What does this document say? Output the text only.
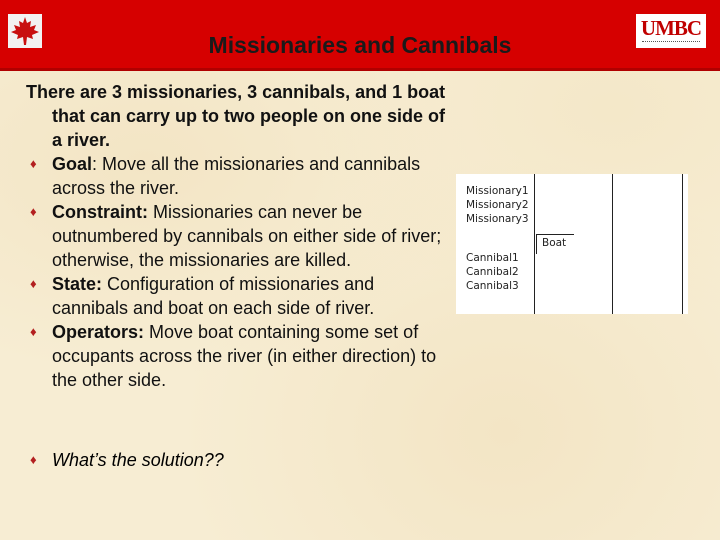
Missionaries and Cannibals
UMBC

There are 3 missionaries, 3 cannibals, and 1 boat that can carry up to two people on one side of a river.

♦ Goal: Move all the missionaries and cannibals across the river.

♦ Constraint: Missionaries can never be outnumbered by cannibals on either side of river; otherwise, the missionaries are killed.

♦ State: Configuration of missionaries and cannibals and boat on each side of river.

♦ Operators: Move boat containing some set of occupants across the river (in either direction) to the other side.

♦ What’s the solution??
Missionary1
Missionary2
Missionary3
Cannibal1
Cannibal2
Cannibal3
Boat
